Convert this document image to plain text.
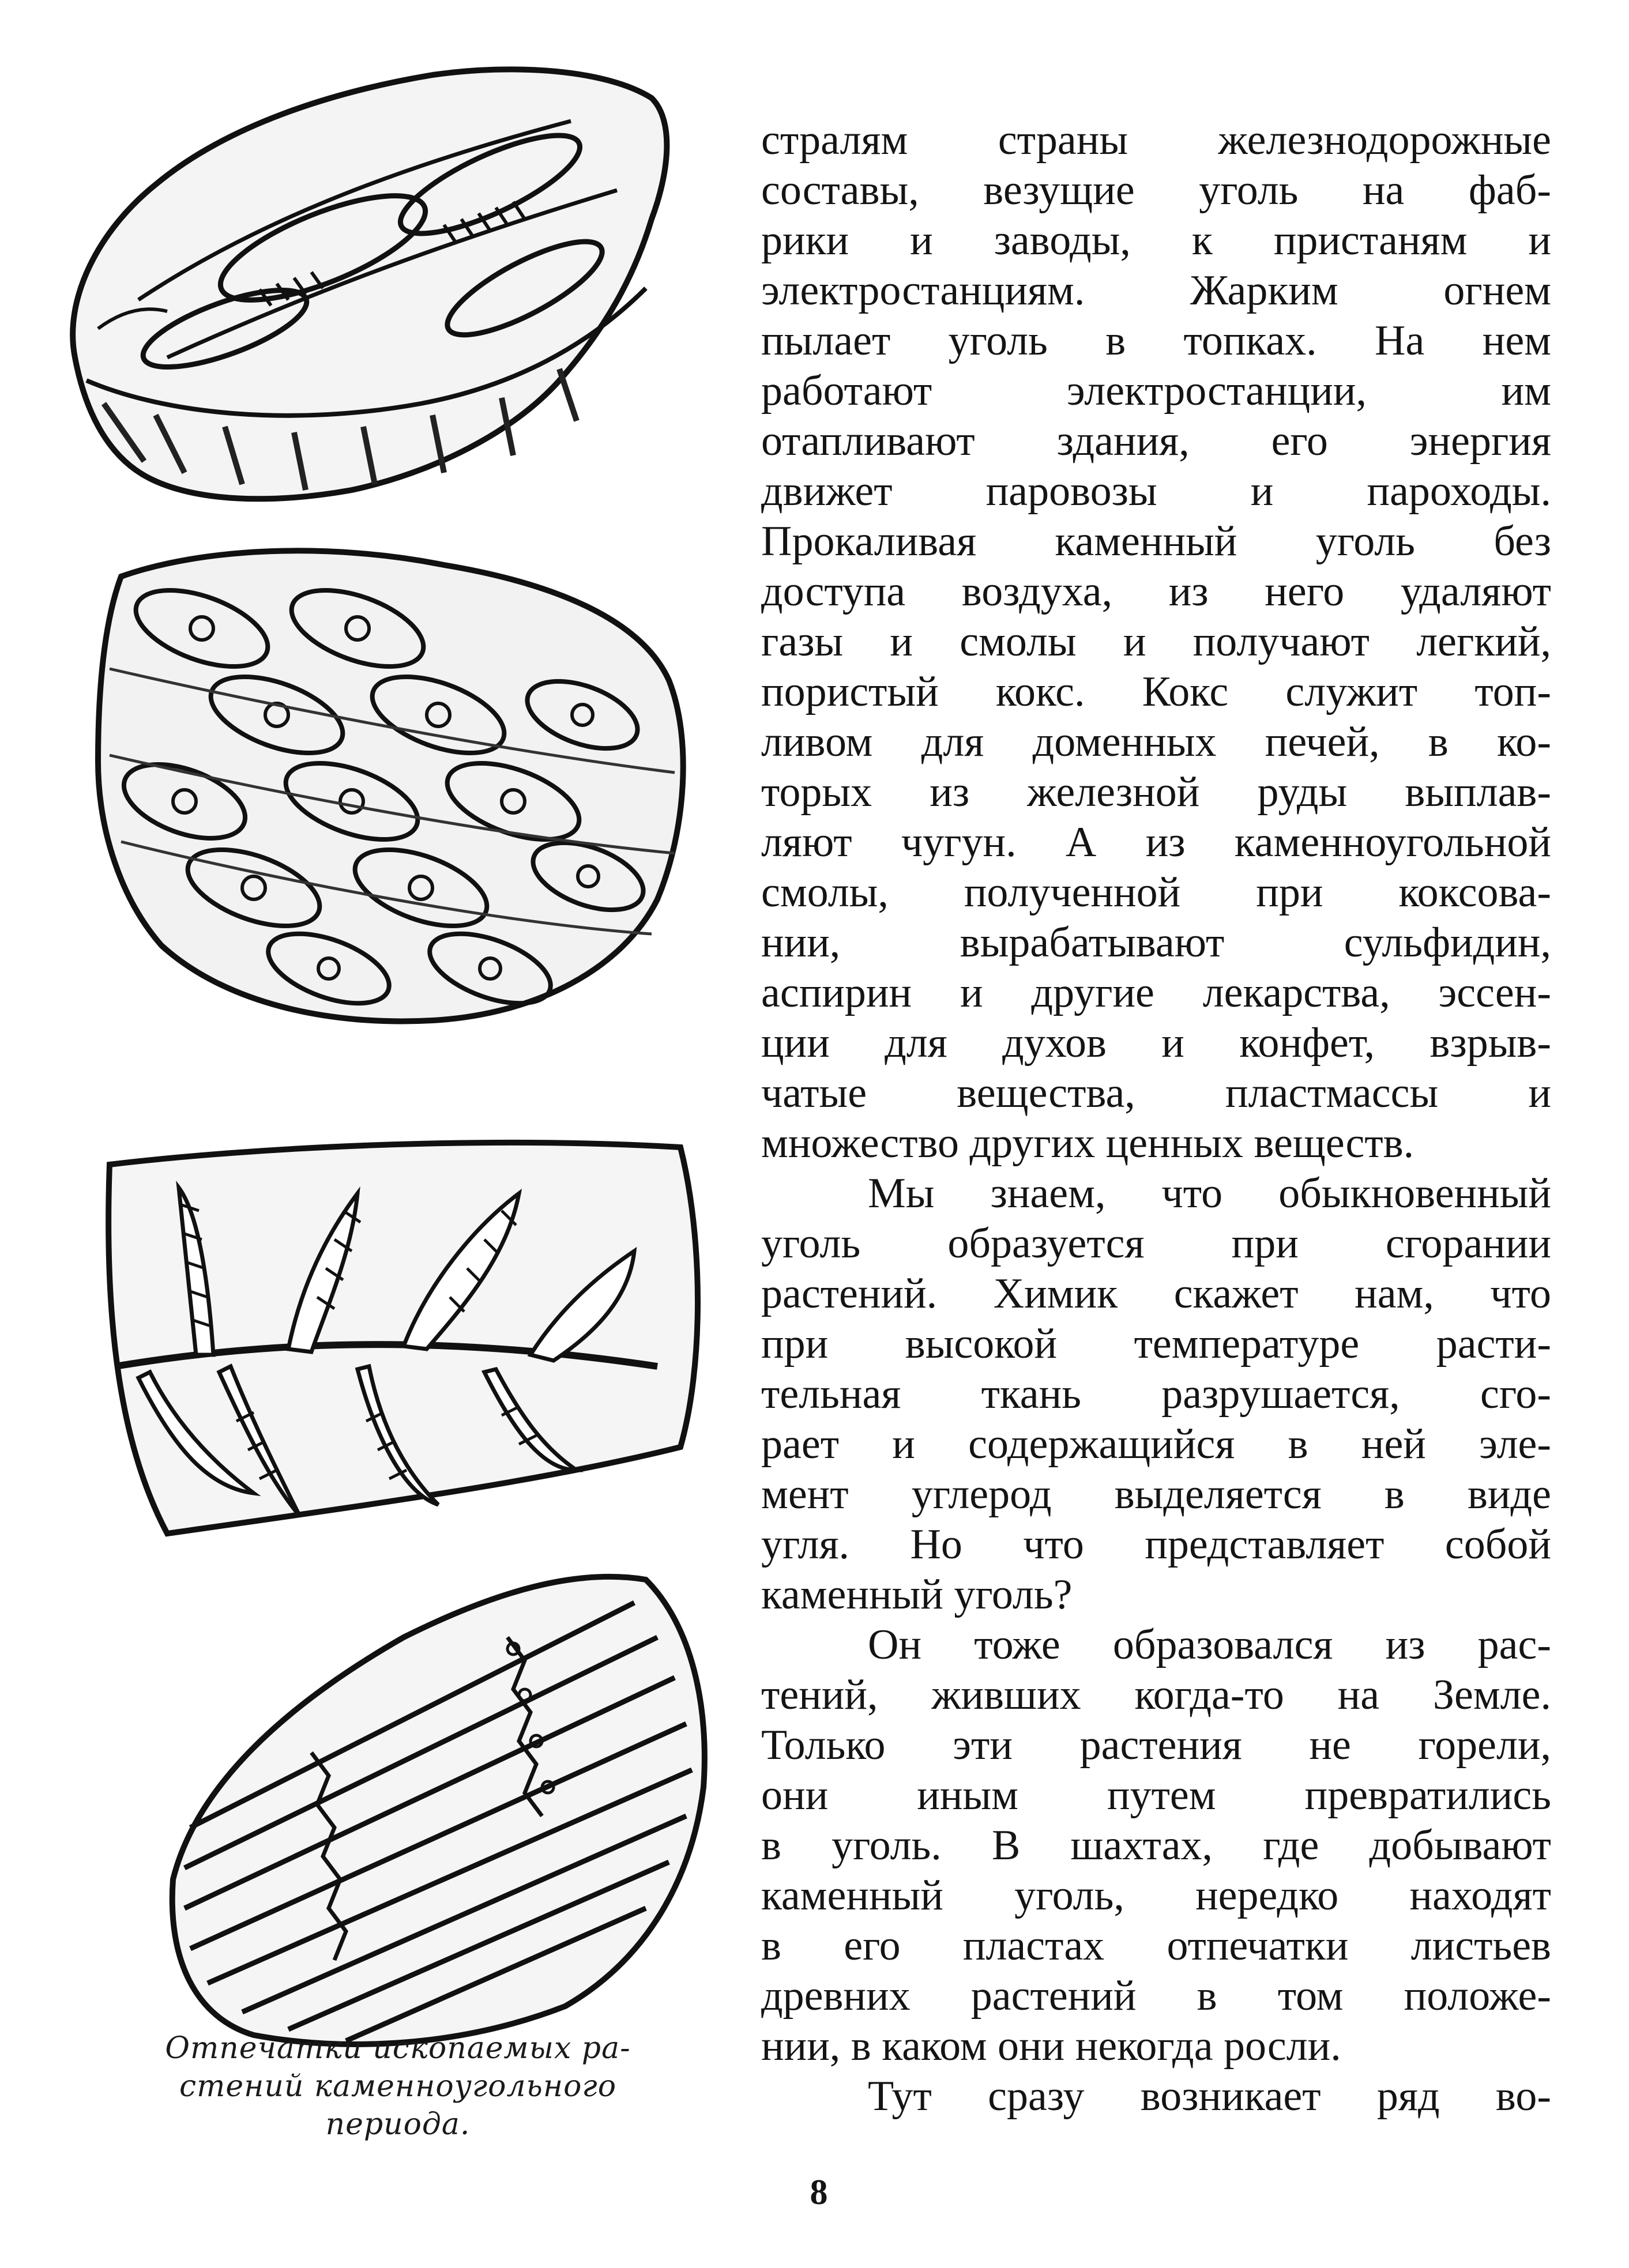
Отпечатки ископаемых ра-
стений каменноугольного
периода.
стралям страны железнодорожные
составы, везущие уголь на фаб-
рики и заводы, к пристаням и
электростанциям. Жарким огнем
пылает уголь в топках. На нем
работают электростанции, им
отапливают здания, его энергия
движет паровозы и пароходы.
Прокаливая каменный уголь без
доступа воздуха, из него удаляют
газы и смолы и получают легкий,
пористый кокс. Кокс служит топ-
ливом для доменных печей, в ко-
торых из железной руды выплав-
ляют чугун. А из каменноугольной
смолы, полученной при коксова-
нии, вырабатывают сульфидин,
аспирин и другие лекарства, эссен-
ции для духов и конфет, взрыв-
чатые вещества, пластмассы и
множество других ценных веществ.
Мы знаем, что обыкновенный
уголь образуется при сгорании
растений. Химик скажет нам, что
при высокой температуре расти-
тельная ткань разрушается, сго-
рает и содержащийся в ней эле-
мент углерод выделяется в виде
угля. Но что представляет собой
каменный уголь?
Он тоже образовался из рас-
тений, живших когда-то на Земле.
Только эти растения не горели,
они иным путем превратились
в уголь. В шахтах, где добывают
каменный уголь, нередко находят
в его пластах отпечатки листьев
древних растений в том положе-
нии, в каком они некогда росли.
Тут сразу возникает ряд во-
8
